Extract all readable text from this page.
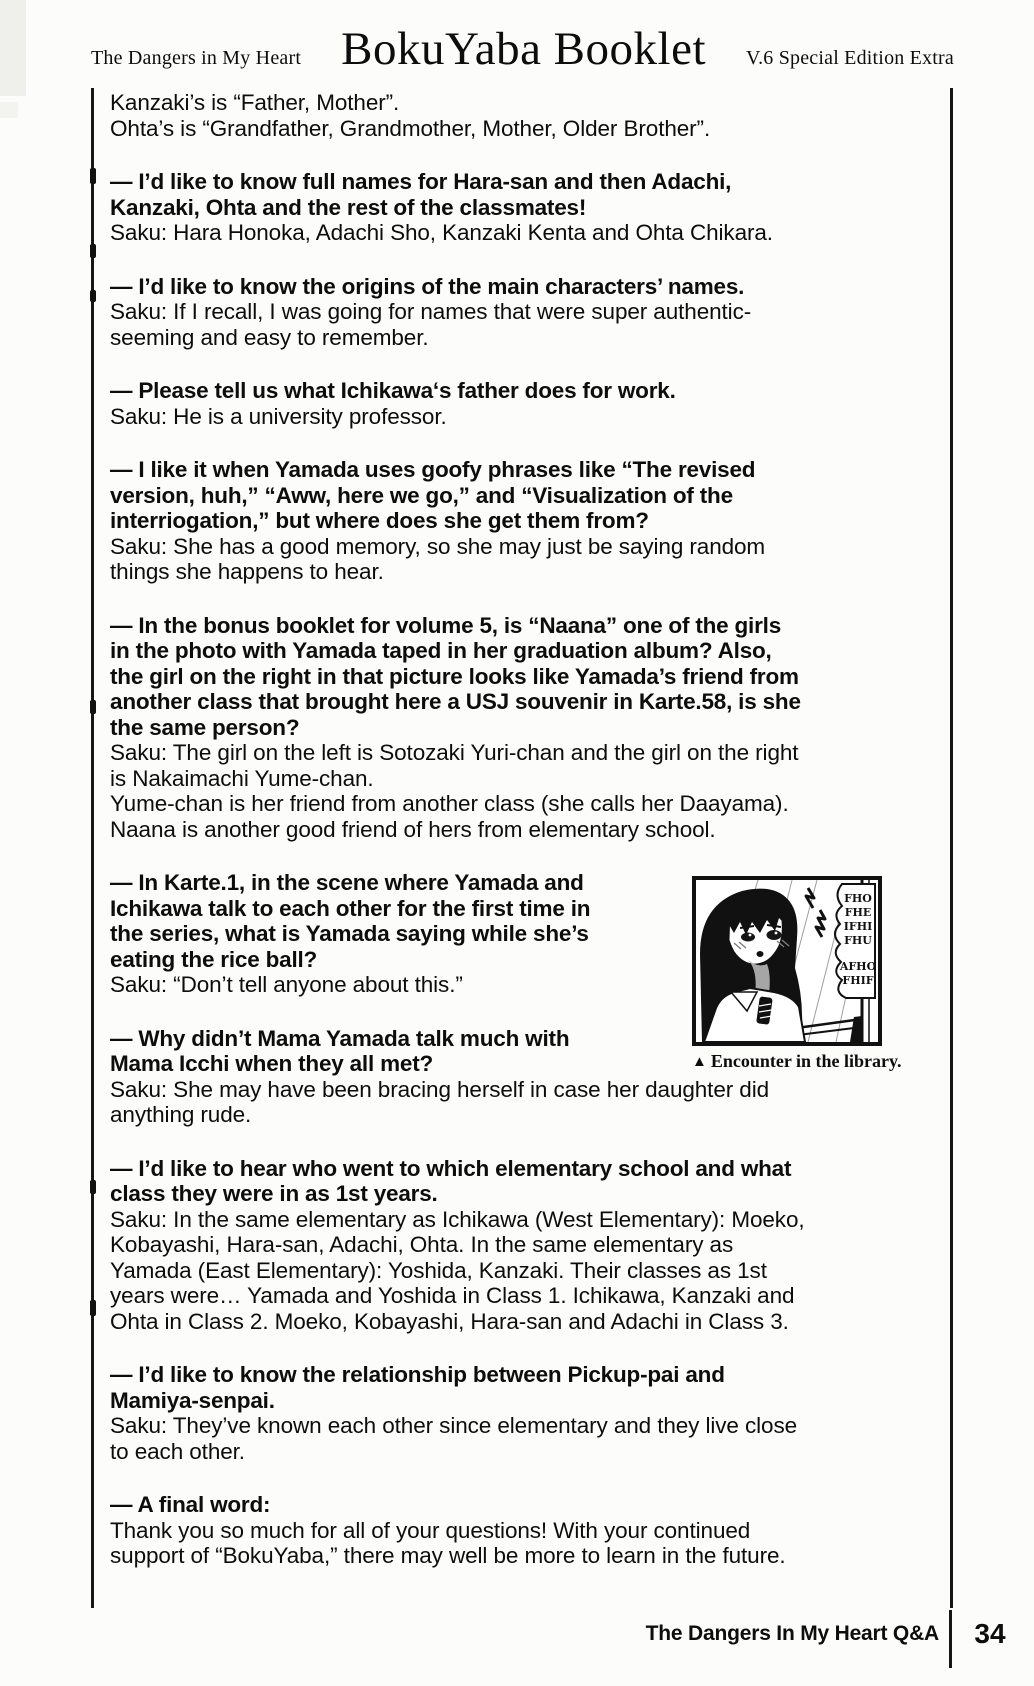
The Dangers in My Heart BokuYaba Booklet V.6 Special Edition Extra
Kanzaki’s is “Father, Mother”.
Ohta’s is “Grandfather, Grandmother, Mother, Older Brother”.
— I’d like to know full names for Hara-san and then Adachi,
Kanzaki, Ohta and the rest of the classmates!
Saku: Hara Honoka, Adachi Sho, Kanzaki Kenta and Ohta Chikara.
— I’d like to know the origins of the main characters’ names.
Saku: If I recall, I was going for names that were super authentic-
seeming and easy to remember.
— Please tell us what Ichikawa‘s father does for work.
Saku: He is a university professor.
— I like it when Yamada uses goofy phrases like “The revised
version, huh,” “Aww, here we go,” and “Visualization of the
interriogation,” but where does she get them from?
Saku: She has a good memory, so she may just be saying random
things she happens to hear.
— In the bonus booklet for volume 5, is “Naana” one of the girls
in the photo with Yamada taped in her graduation album? Also,
the girl on the right in that picture looks like Yamada’s friend from
another class that brought here a USJ souvenir in Karte.58, is she
the same person?
Saku: The girl on the left is Sotozaki Yuri-chan and the girl on the right
is Nakaimachi Yume-chan.
Yume-chan is her friend from another class (she calls her Daayama).
Naana is another good friend of hers from elementary school.
FHO
FHE
IFHI
FHU
AFHO
FHIF
▲ Encounter in the library.
— In Karte.1, in the scene where Yamada and
Ichikawa talk to each other for the first time in
the series, what is Yamada saying while she’s
eating the rice ball?
Saku: “Don’t tell anyone about this.”
— Why didn’t Mama Yamada talk much with
Mama Icchi when they all met?
Saku: She may have been bracing herself in case her daughter did
anything rude.
— I’d like to hear who went to which elementary school and what
class they were in as 1st years.
Saku: In the same elementary as Ichikawa (West Elementary): Moeko,
Kobayashi, Hara-san, Adachi, Ohta. In the same elementary as
Yamada (East Elementary): Yoshida, Kanzaki. Their classes as 1st
years were… Yamada and Yoshida in Class 1. Ichikawa, Kanzaki and
Ohta in Class 2. Moeko, Kobayashi, Hara-san and Adachi in Class 3.
— I’d like to know the relationship between Pickup-pai and
Mamiya-senpai.
Saku: They’ve known each other since elementary and they live close
to each other.
— A final word:
Thank you so much for all of your questions! With your continued
support of “BokuYaba,” there may well be more to learn in the future.
The Dangers In My Heart Q&A	34
